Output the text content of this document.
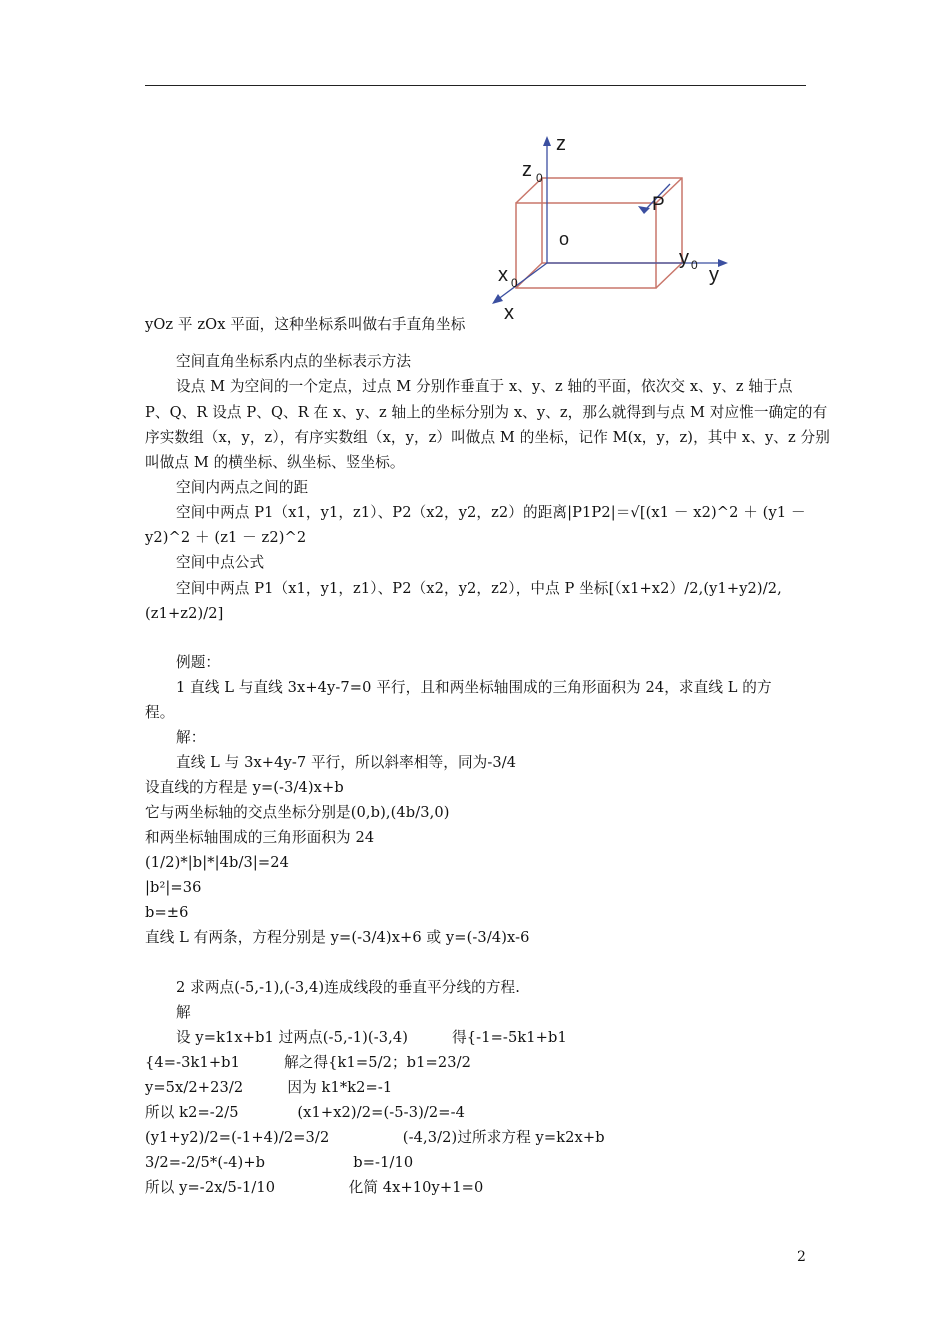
z
z 0
P
o
y 0 y
x 0
x
yOz 平 zOx 平面，这种坐标系叫做右手直角坐标
空间直角坐标系内点的坐标表示方法
设点 M 为空间的一个定点，过点 M 分别作垂直于 x、y、z 轴的平面，依次交 x、y、z 轴于点
P、Q、R 设点 P、Q、R 在 x、y、z 轴上的坐标分别为 x、y、z，那么就得到与点 M 对应惟一确定的有
序实数组（x，y，z），有序实数组（x，y，z）叫做点 M 的坐标，记作 M(x，y，z)，其中 x、y、z 分别
叫做点 M 的横坐标、纵坐标、竖坐标。
空间内两点之间的距
空间中两点 P1（x1，y1，z1）、P2（x2，y2，z2）的距离|P1P2|＝√[(x1 － x2)^2 ＋ (y1 －
y2)^2 ＋ (z1 － z2)^2
空间中点公式
空间中两点 P1（x1，y1，z1）、P2（x2，y2，z2），中点 P 坐标[（x1+x2）/2,(y1+y2)/2,
(z1+z2)/2]
例题：
1 直线 L 与直线 3x+4y-7=0 平行，且和两坐标轴围成的三角形面积为 24，求直线 L 的方
程。
解：
直线 L 与 3x+4y-7 平行，所以斜率相等，同为-3/4
设直线的方程是 y=(-3/4)x+b
它与两坐标轴的交点坐标分别是(0,b),(4b/3,0)
和两坐标轴围成的三角形面积为 24
(1/2)*|b|*|4b/3|=24
|b²|=36
b=±6
直线 L 有两条，方程分别是 y=(-3/4)x+6 或 y=(-3/4)x-6
2 求两点(-5,-1),(-3,4)连成线段的垂直平分线的方程.
解
设 y=k1x+b1 过两点(-5,-1)(-3,4)　　　得{-1=-5k1+b1
{4=-3k1+b1　　　解之得{k1=5/2；b1=23/2
y=5x/2+23/2　　　因为 k1*k2=-1
所以 k2=-2/5　　　　(x1+x2)/2=(-5-3)/2=-4
(y1+y2)/2=(-1+4)/2=3/2　　　　　(-4,3/2)过所求方程 y=k2x+b
3/2=-2/5*(-4)+b　　　　　　b=-1/10
所以 y=-2x/5-1/10　　　　　化简 4x+10y+1=0
2
